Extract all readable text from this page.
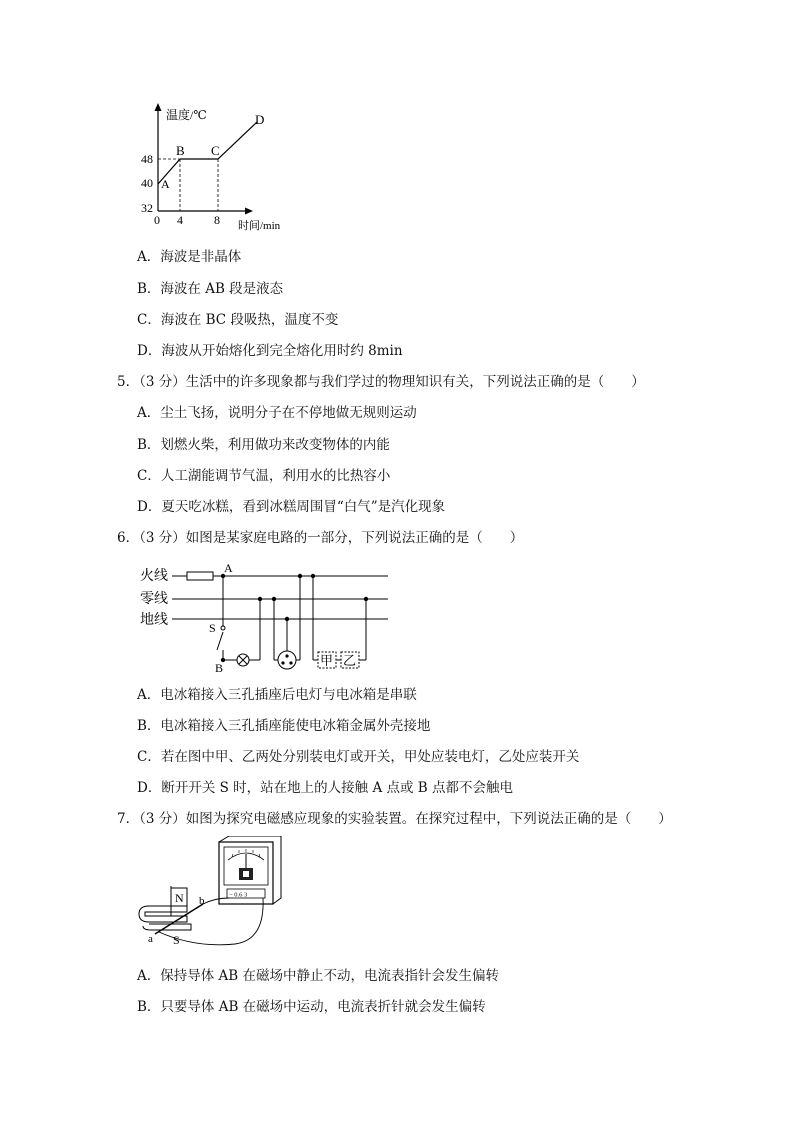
温度/℃
时间/min
48
40
32
0 4	8
A
B C
D
A．海波是非晶体
B．海波在 AB 段是液态
C．海波在 BC 段吸热，温度不变
D．海波从开始熔化到完全熔化用时约 8min
5．（3 分）生活中的许多现象都与我们学过的物理知识有关，下列说法正确的是（　　）
A．尘土飞扬，说明分子在不停地做无规则运动
B．划燃火柴，利用做功来改变物体的内能
C．人工湖能调节气温，利用水的比热容小
D．夏天吃冰糕，看到冰糕周围冒“白气”是汽化现象
6．（3 分）如图是某家庭电路的一部分，下列说法正确的是（　　）
火线
零线
地线
A
S
B	甲 乙
A．电冰箱接入三孔插座后电灯与电冰箱是串联
B．电冰箱接入三孔插座能使电冰箱金属外壳接地
C．若在图中甲、乙两处分别装电灯或开关，甲处应装电灯，乙处应装开关
D．断开开关 S 时，站在地上的人接触 A 点或 B 点都不会触电
7．（3 分）如图为探究电磁感应现象的实验装置。在探究过程中，下列说法正确的是（　　）
− 0.6 3
N
S
a
b
A．保持导体 AB 在磁场中静止不动，电流表指针会发生偏转
B．只要导体 AB 在磁场中运动，电流表折针就会发生偏转
